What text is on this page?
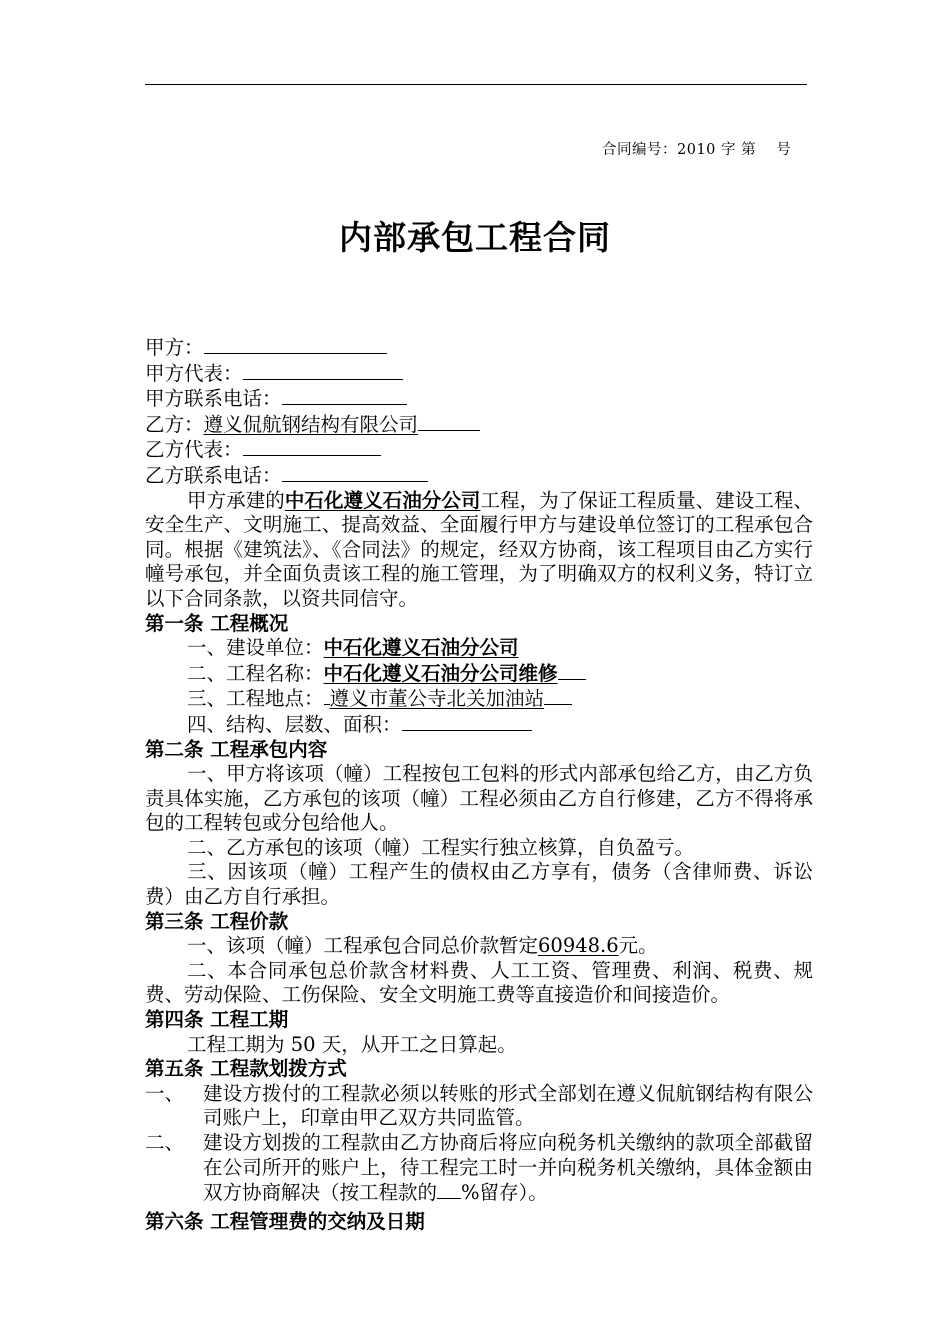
合同编号：2010 字 第　 号
内部承包工程合同
甲方：
甲方代表：
甲方联系电话：
乙方：遵义侃航钢结构有限公司
乙方代表：
乙方联系电话：
甲方承建的中石化遵义石油分公司工程，为了保证工程质量、建设工程、安全生产、文明施工、提高效益、全面履行甲方与建设单位签订的工程承包合同。根据《建筑法》、《合同法》的规定，经双方协商，该工程项目由乙方实行幢号承包，并全面负责该工程的施工管理，为了明确双方的权利义务，特订立以下合同条款，以资共同信守。
第一条 工程概况
一、建设单位：中石化遵义石油分公司
二、工程名称：中石化遵义石油分公司维修
三、工程地点： 遵义市董公寺北关加油站
四、结构、层数、面积：
第二条 工程承包内容
一、甲方将该项（幢）工程按包工包料的形式内部承包给乙方，由乙方负责具体实施，乙方承包的该项（幢）工程必须由乙方自行修建，乙方不得将承包的工程转包或分包给他人。
二、乙方承包的该项（幢）工程实行独立核算，自负盈亏。
三、因该项（幢）工程产生的债权由乙方享有，债务（含律师费、诉讼费）由乙方自行承担。
第三条 工程价款
一、该项（幢）工程承包合同总价款暂定60948.6元。
二、本合同承包总价款含材料费、人工工资、管理费、利润、税费、规费、劳动保险、工伤保险、安全文明施工费等直接造价和间接造价。
第四条 工程工期
工程工期为 50 天，从开工之日算起。
第五条 工程款划拨方式
一、 建设方拨付的工程款必须以转账的形式全部划在遵义侃航钢结构有限公司账户上，印章由甲乙双方共同监管。
二、 建设方划拨的工程款由乙方协商后将应向税务机关缴纳的款项全部截留在公司所开的账户上，待工程完工时一并向税务机关缴纳，具体金额由双方协商解决（按工程款的 %留存）。
第六条 工程管理费的交纳及日期
